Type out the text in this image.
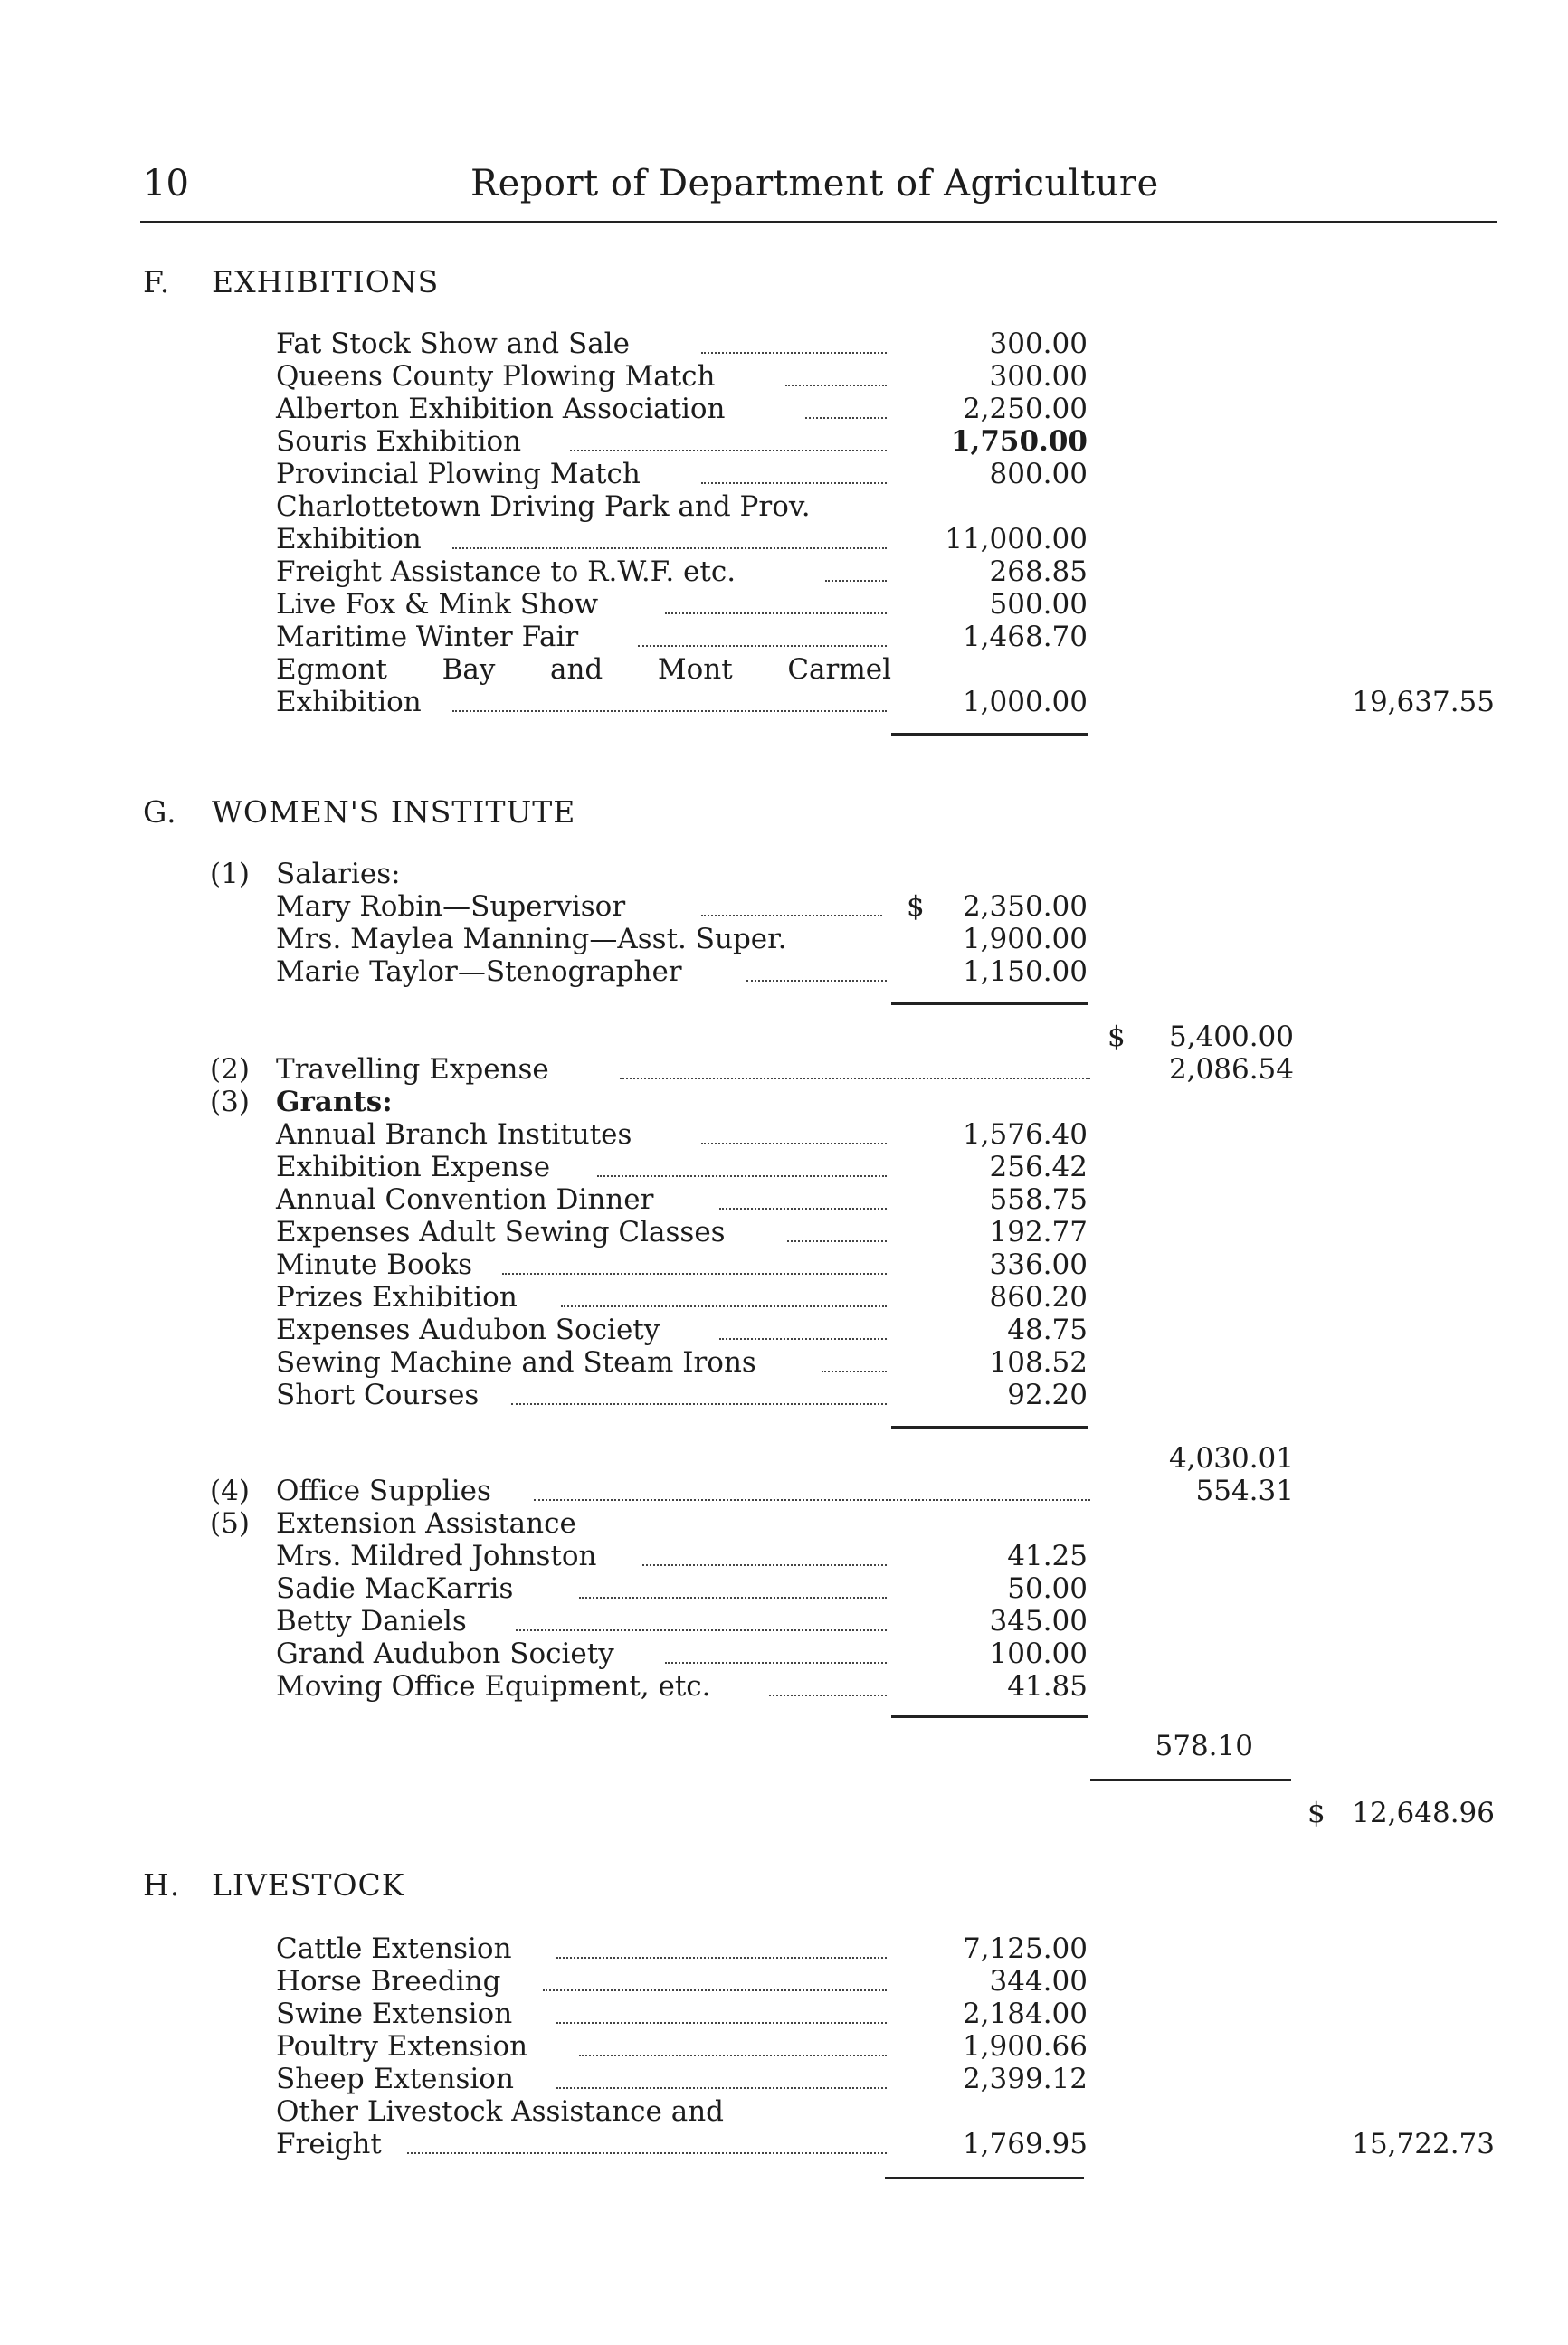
10	Report of Department of Agriculture
F. EXHIBITIONS
Fat Stock Show and Sale	300.00
Queens County Plowing Match	300.00
Alberton Exhibition Association	2,250.00
Souris Exhibition	1,750.00
Provincial Plowing Match	800.00
Charlottetown Driving Park and Prov.
Exhibition	11,000.00
Freight Assistance to R.W.F. etc.	268.85
Live Fox & Mink Show	500.00
Maritime Winter Fair	1,468.70
Egmont Bay and Mont Carmel
Exhibition	1,000.00	19,637.55
G. WOMEN'S INSTITUTE
(1) Salaries:
Mary Robin—Supervisor	$	2,350.00
Mrs. Maylea Manning—Asst. Super.	1,900.00
Marie Taylor—Stenographer	1,150.00
$	5,400.00
(2) Travelling Expense	2,086.54
(3) Grants:
Annual Branch Institutes	1,576.40
Exhibition Expense	256.42
Annual Convention Dinner	558.75
Expenses Adult Sewing Classes	192.77
Minute Books	336.00
Prizes Exhibition	860.20
Expenses Audubon Society	48.75
Sewing Machine and Steam Irons	108.52
Short Courses	92.20
4,030.01
(4) Office Supplies	554.31
(5) Extension Assistance
Mrs. Mildred Johnston	41.25
Sadie MacKarris	50.00
Betty Daniels	345.00
Grand Audubon Society	100.00
Moving Office Equipment, etc.	41.85
578.10
$ 12,648.96
H. LIVESTOCK
Cattle Extension	7,125.00
Horse Breeding	344.00
Swine Extension	2,184.00
Poultry Extension	1,900.66
Sheep Extension	2,399.12
Other Livestock Assistance and
Freight	1,769.95	15,722.73
